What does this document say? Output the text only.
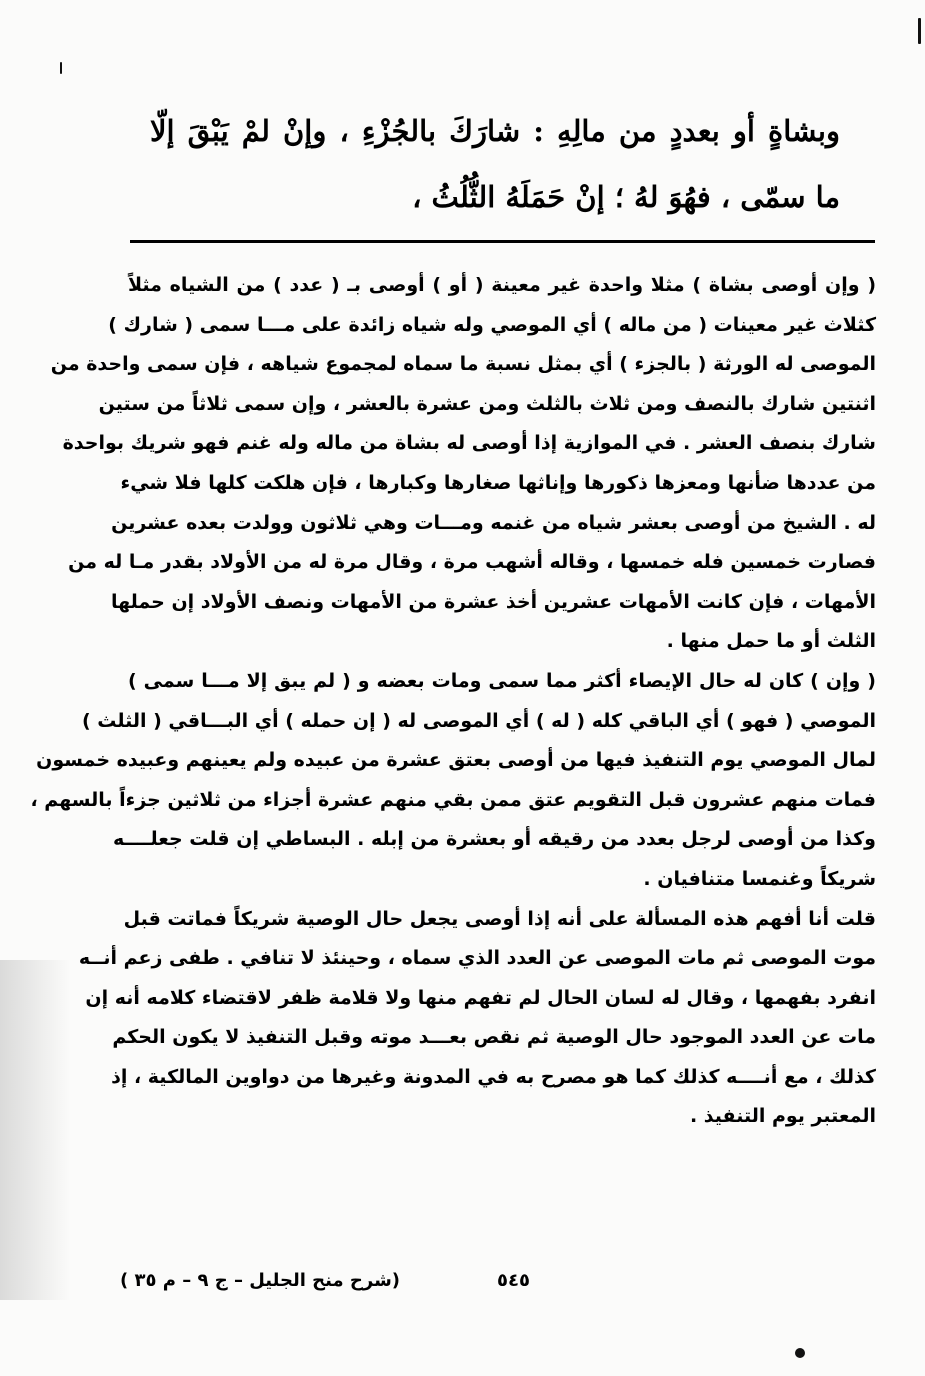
وبشاةٍ أو بعددٍ من مالِهِ : شارَكَ بالجُزْءِ ، وإنْ لمْ يَبْقَ إلّا
ما سمّى ، فهُوَ لهُ ؛ إنْ حَمَلَهُ الثُّلُثُ ،

( وإن أوصى بشاة ) مثلا واحدة غير معينة ( أو ) أوصى بـ ( عدد ) من الشياه مثلاً
كثلاث غير معينات ( من ماله ) أي الموصي وله شياه زائدة على مـــا سمى ( شارك )
الموصى له الورثة ( بالجزء ) أي بمثل نسبة ما سماه لمجموع شياهه ، فإن سمى واحدة من
اثنتين شارك بالنصف ومن ثلاث بالثلث ومن عشرة بالعشر ، وإن سمى ثلاثاً من ستين
شارك بنصف العشر . في الموازية إذا أوصى له بشاة من ماله وله غنم فهو شريك بواحدة
من عددها ضأنها ومعزها ذكورها وإناثها صغارها وكبارها ، فإن هلكت كلها فلا شيء
له . الشيخ من أوصى بعشر شياه من غنمه ومـــات وهي ثلاثون وولدت بعده عشرين
فصارت خمسين فله خمسها ، وقاله أشهب مرة ، وقال مرة له من الأولاد بقدر مـا له من
الأمهات ، فإن كانت الأمهات عشرين أخذ عشرة من الأمهات ونصف الأولاد إن حملها
الثلث أو ما حمل منها .

( وإن ) كان له حال الإيصاء أكثر مما سمى ومات بعضه و ( لم يبق إلا مـــا سمى )
الموصي ( فهو ) أي الباقي كله ( له ) أي الموصى له ( إن حمله ) أي البـــاقي ( الثلث )
لمال الموصي يوم التنفيذ فيها من أوصى بعتق عشرة من عبيده ولم يعينهم وعبيده خمسون
فمات منهم عشرون قبل التقويم عتق ممن بقي منهم عشرة أجزاء من ثلاثين جزءاً بالسهم ،
وكذا من أوصى لرجل بعدد من رقيقه أو بعشرة من إبله . البساطي إن قلت جعلــــه
شريكاً وغنمسا متنافيان .

قلت أنا أفهم هذه المسألة على أنه إذا أوصى يجعل حال الوصية شريكاً فماتت قبل
موت الموصى ثم مات الموصى عن العدد الذي سماه ، وحينئذ لا تنافي . طفى زعم أنــه
انفرد بفهمها ، وقال له لسان الحال لم تفهم منها ولا قلامة ظفر لاقتضاء كلامه أنه إن
مات عن العدد الموجود حال الوصية ثم نقص بعـــد موته وقبل التنفيذ لا يكون الحكم
كذلك ، مع أنــــه كذلك كما هو مصرح به في المدونة وغيرها من دواوين المالكية ، إذ
المعتبر يوم التنفيذ .

٥٤٥
(شرح منح الجليل – ج ٩ – م ٣٥ )
